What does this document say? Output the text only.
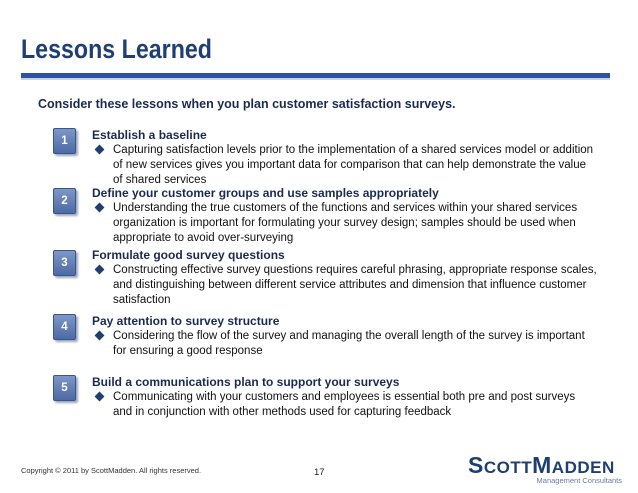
Lessons Learned
Consider these lessons when you plan customer satisfaction surveys.
1	Establish a baseline
Capturing satisfaction levels prior to the implementation of a shared services model or addition of new services gives you important data for comparison that can help demonstrate the value of shared services
2
Define your customer groups and use samples appropriately
Understanding the true customers of the functions and services within your shared services organization is important for formulating your survey design; samples should be used when appropriate to avoid over-surveying
3
Formulate good survey questions
Constructing effective survey questions requires careful phrasing, appropriate response scales, and distinguishing between different service attributes and dimension that influence customer satisfaction
4	Pay attention to survey structure
Considering the flow of the survey and managing the overall length of the survey is important for ensuring a good response
5	Build a communications plan to support your surveys
Communicating with your customers and employees is essential both pre and post surveys and in conjunction with other methods used for capturing feedback
Copyright © 2011 by ScottMadden. All rights reserved.	17	SCOTTMADDEN
Management Consultants
